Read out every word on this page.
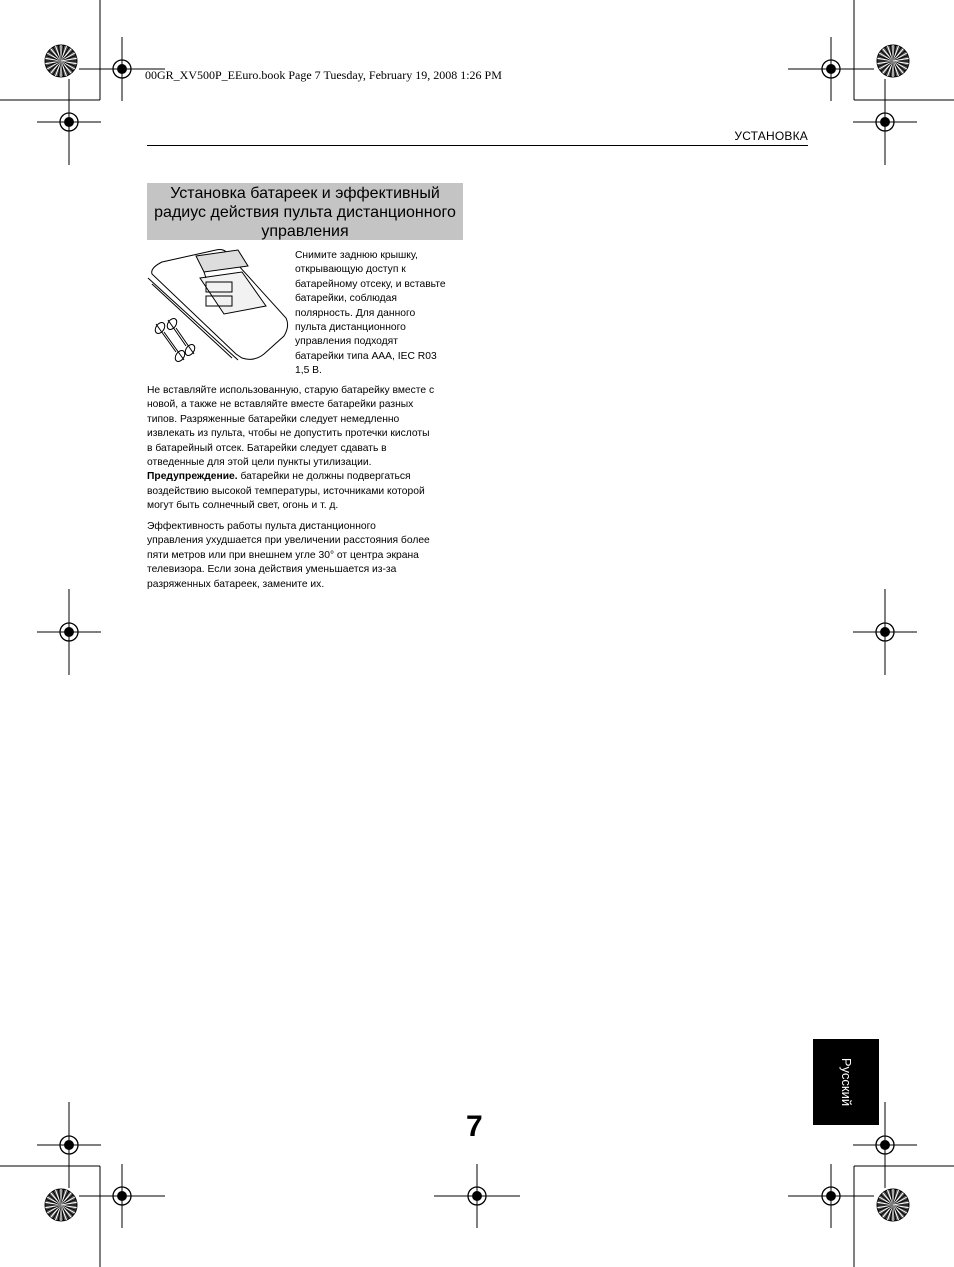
00GR_XV500P_EEuro.book Page 7 Tuesday, February 19, 2008 1:26 PM
УСТАНОВКА
Установка батареек и эффективный
радиус действия пульта дистанционного
управления
Снимите заднюю крышку,
открывающую доступ к
батарейному отсеку, и вставьте
батарейки, соблюдая
полярность. Для данного
пульта дистанционного
управления подходят
батарейки типа AAA, IEC R03
1,5 В.
Не вставляйте использованную, старую батарейку вместе с
новой, а также не вставляйте вместе батарейки разных
типов. Разряженные батарейки следует немедленно
извлекать из пульта, чтобы не допустить протечки кислоты
в батарейный отсек. Батарейки следует сдавать в
отведенные для этой цели пункты утилизации.
Предупреждение. батарейки не должны подвергаться
воздействию высокой температуры, источниками которой
могут быть солнечный свет, огонь и т. д.
Эффективность работы пульта дистанционного
управления ухудшается при увеличении расстояния более
пяти метров или при внешнем угле 30° от центра экрана
телевизора. Если зона действия уменьшается из-за
разряженных батареек, замените их.
7
Русский
